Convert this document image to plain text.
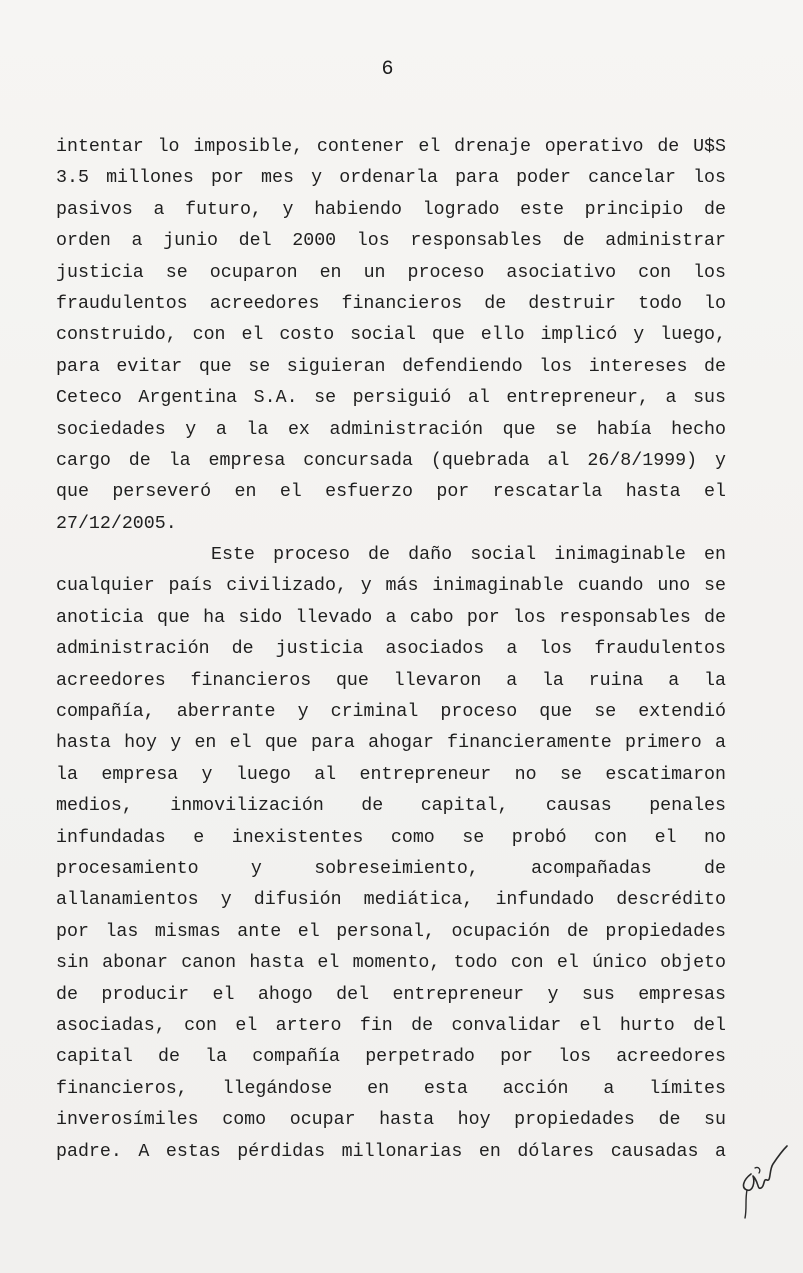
6
intentar lo imposible, contener el drenaje operativo de U$S
3.5 millones por mes y ordenarla para poder cancelar los
pasivos a futuro, y habiendo logrado este principio de
orden a junio del 2000 los responsables de administrar
justicia se ocuparon en un proceso asociativo con los
fraudulentos acreedores financieros de destruir todo lo
construido, con el costo social que ello implicó y luego,
para evitar que se siguieran defendiendo los intereses de
Ceteco Argentina S.A. se persiguió al entrepreneur, a sus
sociedades y a la ex administración que se había hecho
cargo de la empresa concursada (quebrada al 26/8/1999) y
que perseveró en el esfuerzo por rescatarla hasta el
27/12/2005.
Este proceso de daño social inimaginable en
cualquier país civilizado, y más inimaginable cuando uno se
anoticia que ha sido llevado a cabo por los responsables de
administración de justicia asociados a los fraudulentos
acreedores financieros que llevaron a la ruina a la
compañía, aberrante y criminal proceso que se extendió
hasta hoy y en el que para ahogar financieramente primero a
la empresa y luego al entrepreneur no se escatimaron
medios, inmovilización de capital, causas penales
infundadas e inexistentes como se probó con el no
procesamiento y sobreseimiento, acompañadas de
allanamientos y difusión mediática, infundado descrédito
por las mismas ante el personal, ocupación de propiedades
sin abonar canon hasta el momento, todo con el único objeto
de producir el ahogo del entrepreneur y sus empresas
asociadas, con el artero fin de convalidar el hurto del
capital de la compañía perpetrado por los acreedores
financieros, llegándose en esta acción a límites
inverosímiles como ocupar hasta hoy propiedades de su
padre. A estas pérdidas millonarias en dólares causadas a
